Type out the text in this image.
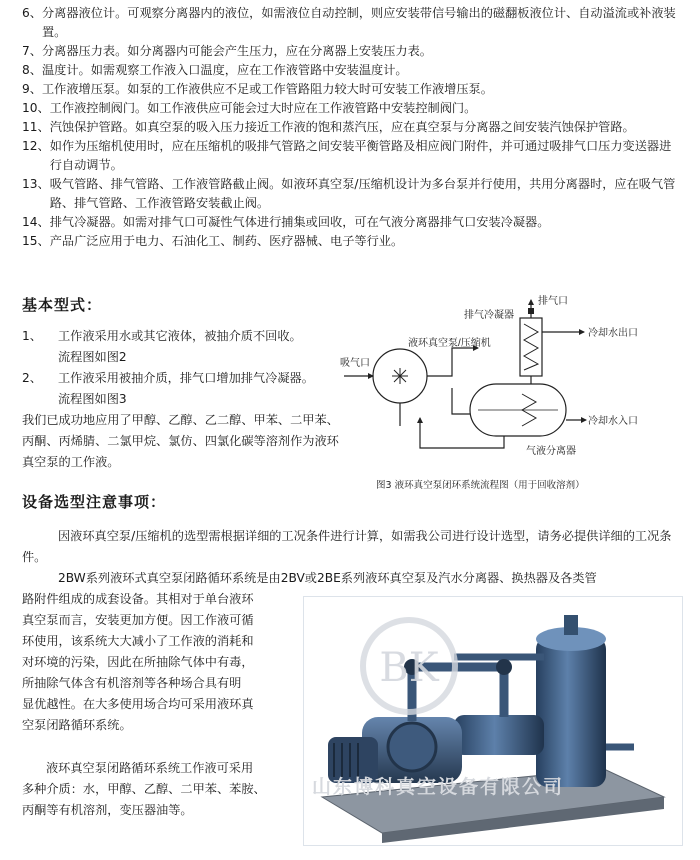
6、 分离器液位计。可观察分离器内的液位，如需液位自动控制，则应安装带信号输出的磁翻板液位计、自动溢流或补液装置。
7、 分离器压力表。如分离器内可能会产生压力，应在分离器上安装压力表。
8、 温度计。如需观察工作液入口温度，应在工作液管路中安装温度计。
9、 工作液增压泵。如泵的工作液供应不足或工作管路阻力较大时可安装工作液增压泵。
10、 工作液控制阀门。如工作液供应可能会过大时应在工作液管路中安装控制阀门。
11、 汽蚀保护管路。如真空泵的吸入压力接近工作液的饱和蒸汽压，应在真空泵与分离器之间安装汽蚀保护管路。
12、 如作为压缩机使用时，应在压缩机的吸排气管路之间安装平衡管路及相应阀门附件，并可通过吸排气口压力变送器进行自动调节。
13、 吸气管路、排气管路、工作液管路截止阀。如液环真空泵/压缩机设计为多台泵并行使用，共用分离器时，应在吸气管路、排气管路、工作液管路安装截止阀。
14、 排气冷凝器。如需对排气口可凝性气体进行捕集或回收，可在气液分离器排气口安装冷凝器。
15、 产品广泛应用于电力、石油化工、制药、医疗器械、电子等行业。
基本型式：
1、	工作液采用水或其它液体，被抽介质不回收。
流程图如图2
2、	工作液采用被抽介质，排气口增加排气冷凝器。
流程图如图3
我们已成功地应用了甲醇、乙醇、乙二醇、甲苯、二甲苯、丙酮、丙烯腈、二氯甲烷、氯仿、四氯化碳等溶剂作为液环真空泵的工作液。
排气口
排气冷凝器
液环真空泵/压缩机
冷却水出口
吸气口
冷却水入口
气液分离器
图3 液环真空泵闭环系统流程图（用于回收溶剂）
设备选型注意事项：
因液环真空泵/压缩机的选型需根据详细的工况条件进行计算，如需我公司进行设计选型，请务必提供详细的工况条件。
2BW系列液环式真空泵闭路循环系统是由2BV或2BE系列液环真空泵及汽水分离器、换热器及各类管
路附件组成的成套设备。其相对于单台液环
真空泵而言，安装更加方便。因工作液可循
环使用，该系统大大减小了工作液的消耗和
对环境的污染，因此在所抽除气体中有毒，
所抽除气体含有机溶剂等各种场合具有明
显优越性。在大多使用场合均可采用液环真
空泵闭路循环系统。
液环真空泵闭路循环系统工作液可采用
多种介质：水，甲醇、乙醇、二甲苯、苯胺、
丙酮等有机溶剂，变压器油等。
BK
山东博科真空设备有限公司
